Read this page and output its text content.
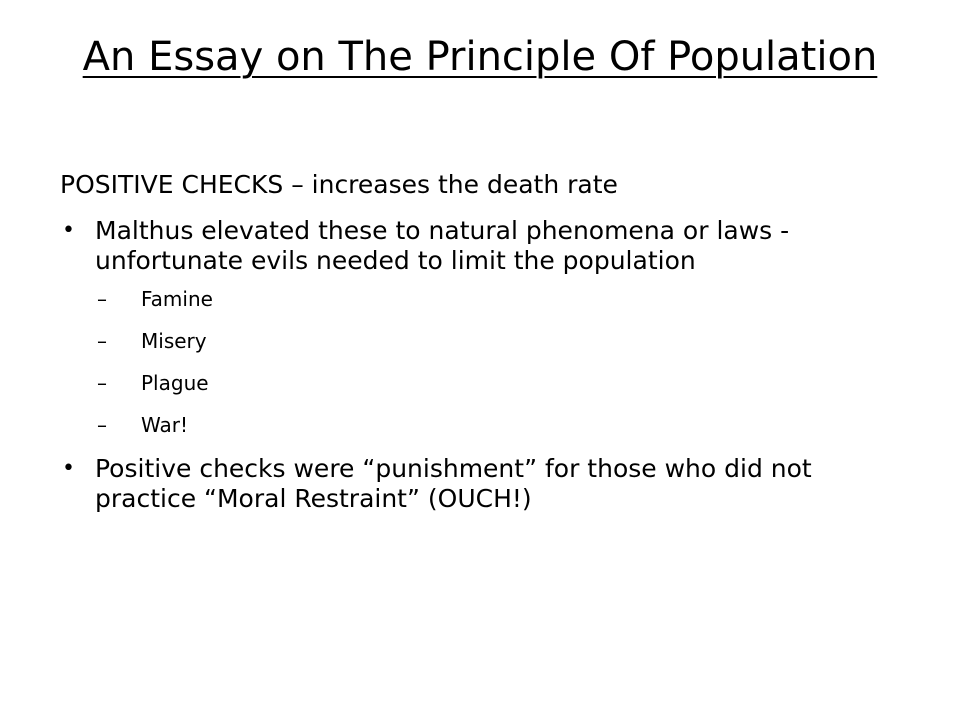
An Essay on The Principle Of Population

POSITIVE CHECKS – increases the death rate

• Malthus elevated these to natural phenomena or laws - unfortunate evils needed to limit the population
– Famine
– Misery
– Plague
– War!
• Positive checks were “punishment” for those who did not practice “Moral Restraint” (OUCH!)
